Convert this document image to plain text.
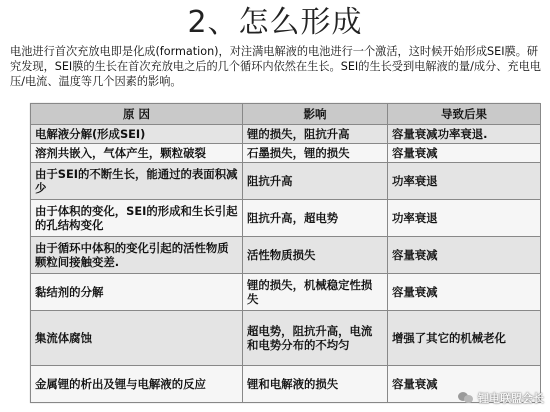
2、怎么形成
电池进行首次充放电即是化成(formation)，对注满电解液的电池进行一个激活，这时候开始形成SEI膜。研究发现，SEI膜的生长在首次充放电之后的几个循环内依然在生长。SEI的生长受到电解液的量/成分、充电电压/电流、温度等几个因素的影响。
原 因	影响	导致后果
电解液分解(形成SEI)	锂的损失，阻抗升高	容量衰减功率衰退.
溶剂共嵌入，气体产生，颗粒破裂	石墨损失，锂的损失	容量衰减
由于SEI的不断生长，能通过的表面积减少	阻抗升高	功率衰退
由于体积的变化，SEI的形成和生长引起的孔结构变化	阻抗升高，超电势	功率衰退
由于循环中体积的变化引起的活性物质颗粒间接触变差.	活性物质损失	容量衰减
黏结剂的分解	锂的损失，机械稳定性损失	容量衰减
集流体腐蚀	超电势，阻抗升高，电流和电势分布的不均匀	增强了其它的机械老化
金属锂的析出及锂与电解液的反应	锂和电解液的损失	容量衰减
锂电联盟会长
